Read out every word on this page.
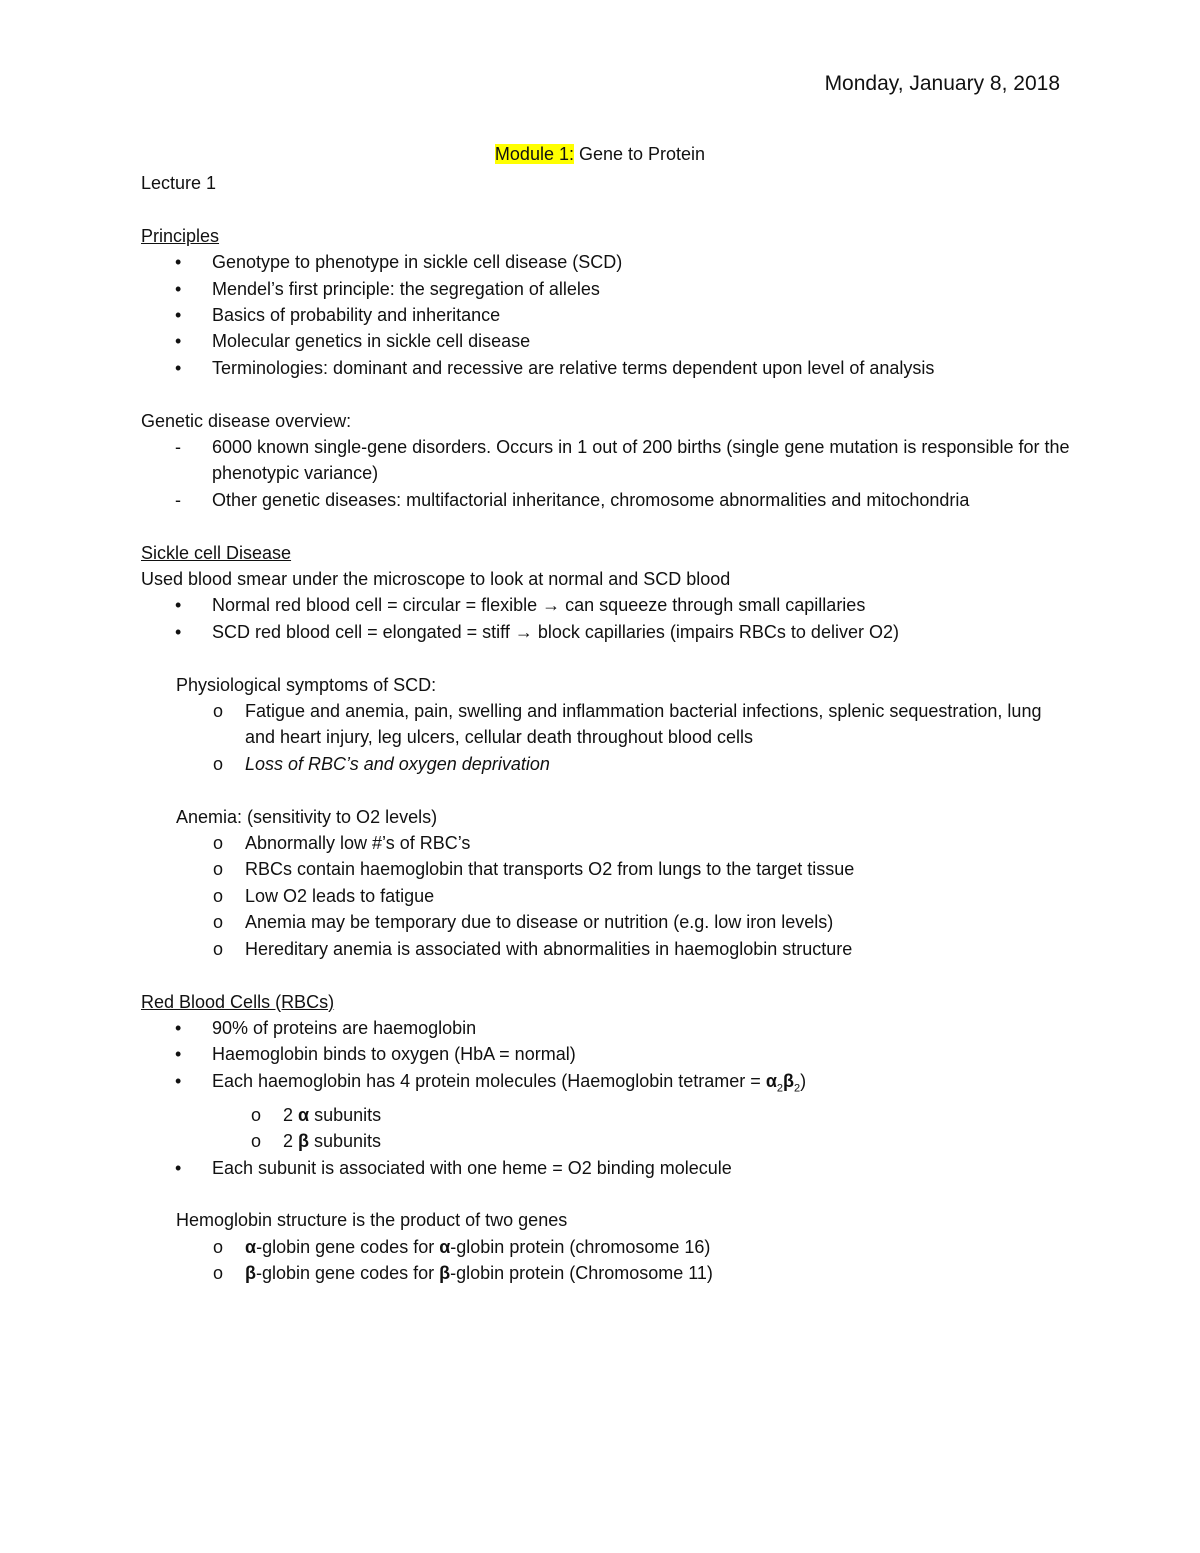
Monday, January 8, 2018
Module 1: Gene to Protein
Lecture 1
Principles
• Genotype to phenotype in sickle cell disease (SCD)
• Mendel’s first principle: the segregation of alleles
• Basics of probability and inheritance
• Molecular genetics in sickle cell disease
• Terminologies: dominant and recessive are relative terms dependent upon level of analysis
Genetic disease overview:
- 6000 known single-gene disorders. Occurs in 1 out of 200 births (single gene mutation is responsible for the phenotypic variance)
- Other genetic diseases: multifactorial inheritance, chromosome abnormalities and mitochondria
Sickle cell Disease
Used blood smear under the microscope to look at normal and SCD blood
• Normal red blood cell = circular = flexible → can squeeze through small capillaries
• SCD red blood cell = elongated = stiff → block capillaries (impairs RBCs to deliver O2)
Physiological symptoms of SCD:
o Fatigue and anemia, pain, swelling and inflammation bacterial infections, splenic sequestration, lung and heart injury, leg ulcers, cellular death throughout blood cells
o Loss of RBC’s and oxygen deprivation
Anemia: (sensitivity to O2 levels)
o Abnormally low #’s of RBC’s
o RBCs contain haemoglobin that transports O2 from lungs to the target tissue
o Low O2 leads to fatigue
o Anemia may be temporary due to disease or nutrition (e.g. low iron levels)
o Hereditary anemia is associated with abnormalities in haemoglobin structure
Red Blood Cells (RBCs)
• 90% of proteins are haemoglobin
• Haemoglobin binds to oxygen (HbA = normal)
• Each haemoglobin has 4 protein molecules (Haemoglobin tetramer = $\alpha_2\beta_2$)
o 2 α subunits
o 2 β subunits
• Each subunit is associated with one heme = O2 binding molecule
Hemoglobin structure is the product of two genes
o α-globin gene codes for α-globin protein (chromosome 16)
o β-globin gene codes for β-globin protein (Chromosome 11)
